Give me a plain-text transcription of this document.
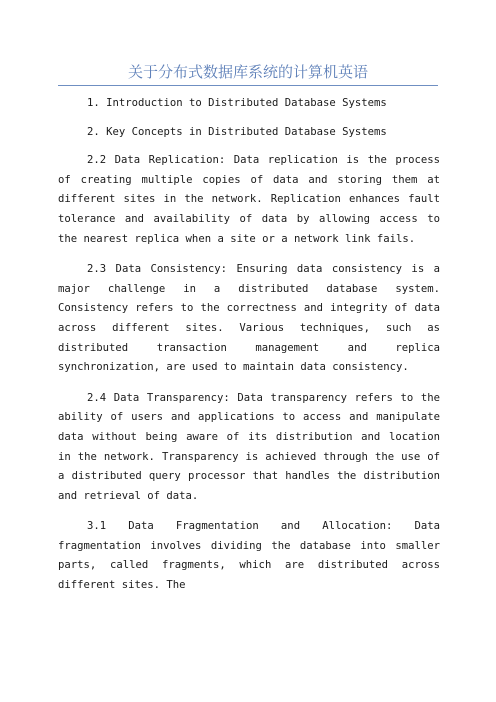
关于分布式数据库系统的计算机英语

1. Introduction to Distributed Database Systems

2. Key Concepts in Distributed Database Systems

2.2 Data Replication: Data replication is the process of creating multiple copies of data and storing them at different sites in the network. Replication enhances fault tolerance and availability of data by allowing access to the nearest replica when a site or a network link fails.

2.3 Data Consistency: Ensuring data consistency is a major challenge in a distributed database system. Consistency refers to the correctness and integrity of data across different sites. Various techniques, such as distributed transaction management and replica synchronization, are used to maintain data consistency.

2.4 Data Transparency: Data transparency refers to the ability of users and applications to access and manipulate data without being aware of its distribution and location in the network. Transparency is achieved through the use of a distributed query processor that handles the distribution and retrieval of data.

3.1 Data Fragmentation and Allocation: Data fragmentation involves dividing the database into smaller parts, called fragments, which are distributed across different sites. The
